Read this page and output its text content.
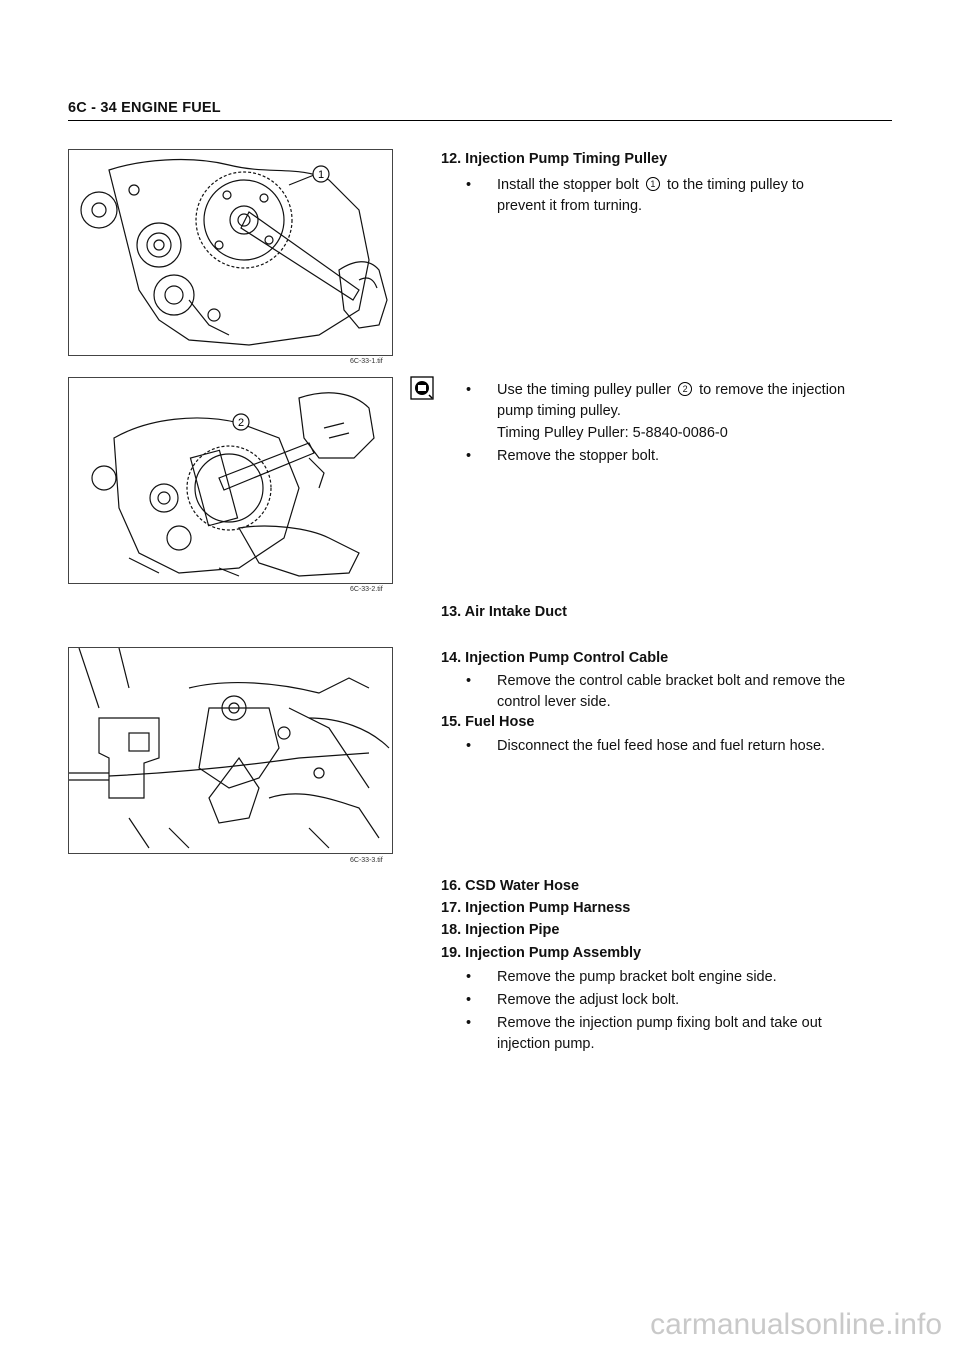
6C - 34 ENGINE FUEL
1
6C-33-1.tif
2
6C-33-2.tif
6C-33-3.tif
12. Injection Pump Timing Pulley
• Install the stopper bolt 1 to the timing pulley to
prevent it from turning.
• Use the timing pulley puller 2 to remove the injection
pump timing pulley.
Timing Pulley Puller: 5-8840-0086-0
• Remove the stopper bolt.
13. Air Intake Duct
14. Injection Pump Control Cable
• Remove the control cable bracket bolt and remove the
control lever side.
15. Fuel Hose
• Disconnect the fuel feed hose and fuel return hose.
16. CSD Water Hose
17. Injection Pump Harness
18. Injection Pipe
19. Injection Pump Assembly
• Remove the pump bracket bolt engine side.
• Remove the adjust lock bolt.
• Remove the injection pump fixing bolt and take out
injection pump.
carmanualsonline.info
